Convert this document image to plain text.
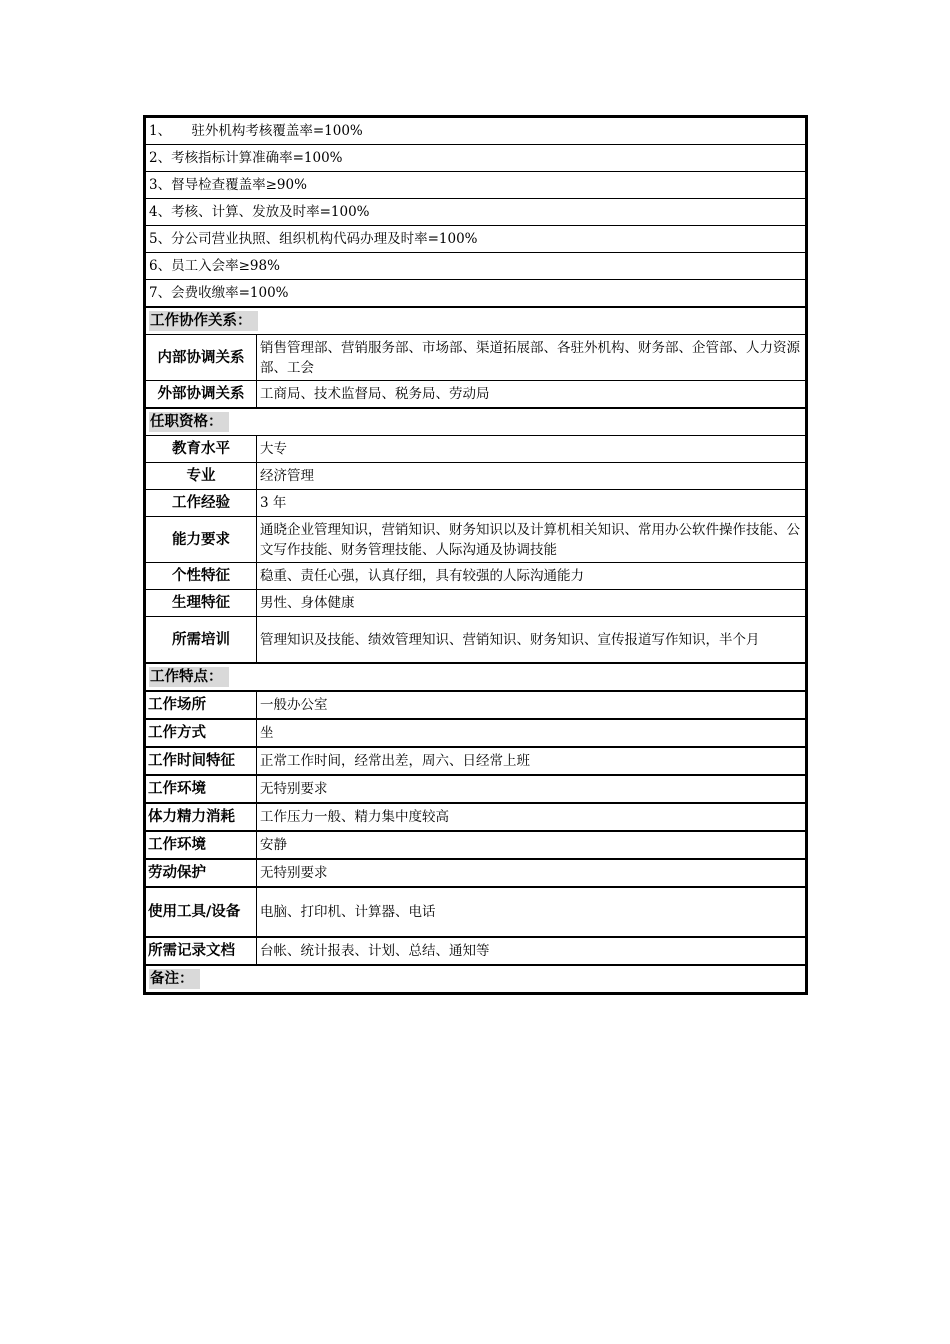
1、　　驻外机构考核覆盖率=100%	
2、考核指标计算准确率=100%	
3、督导检查覆盖率≥90%	
4、考核、计算、发放及时率=100%	
5、分公司营业执照、组织机构代码办理及时率=100%	
6、员工入会率≥98%	
7、会费收缴率=100%	
工作协作关系：	
内部协调关系	销售管理部、营销服务部、市场部、渠道拓展部、各驻外机构、财务部、企管部、人力资源部、工会
外部协调关系	工商局、技术监督局、税务局、劳动局
任职资格：	
教育水平	大专
专业	经济管理
工作经验	3 年
能力要求	通晓企业管理知识，营销知识、财务知识以及计算机相关知识、常用办公软件操作技能、公文写作技能、财务管理技能、人际沟通及协调技能
个性特征	稳重、责任心强，认真仔细，具有较强的人际沟通能力
生理特征	男性、身体健康
所需培训	管理知识及技能、绩效管理知识、营销知识、财务知识、宣传报道写作知识，半个月
工作特点：	
工作场所	一般办公室
工作方式	坐
工作时间特征	正常工作时间，经常出差，周六、日经常上班
工作环境	无特别要求
体力精力消耗	工作压力一般、精力集中度较高
工作环境	安静
劳动保护	无特别要求
使用工具/设备	电脑、打印机、计算器、电话
所需记录文档	台帐、统计报表、计划、总结、通知等
备注：	
